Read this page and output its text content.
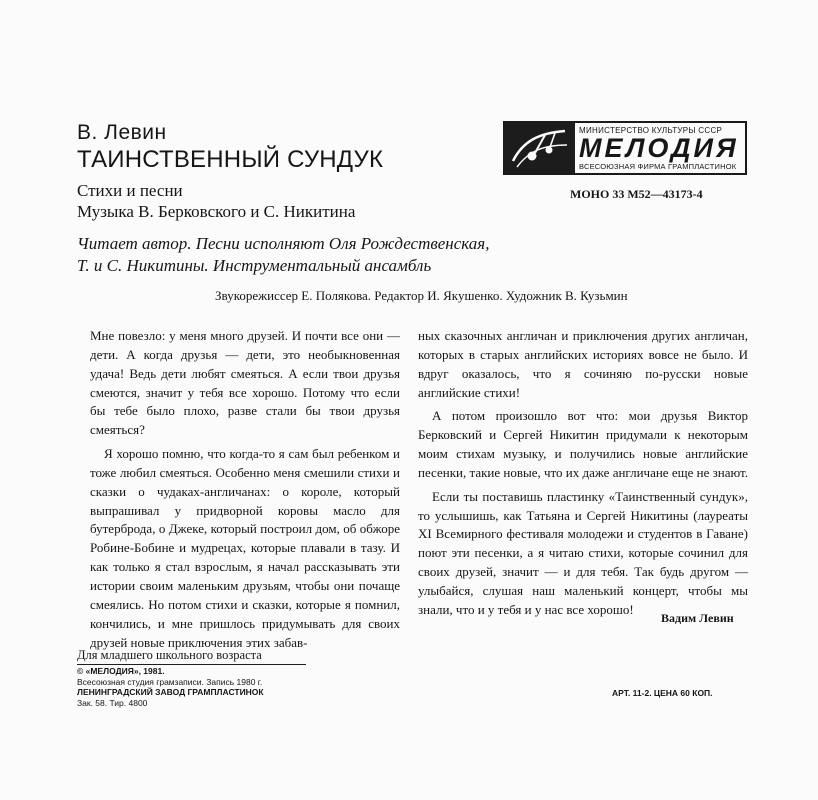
В. Левин
ТАИНСТВЕННЫЙ СУНДУК
Стихи и песни
Музыка В. Берковского и С. Никитина
Читает автор. Песни исполняют Оля Рождественская,
Т. и С. Никитины. Инструментальный ансамбль
Звукорежиссер Е. Полякова. Редактор И. Якушенко. Художник В. Кузьмин
МИНИСТЕРСТВО КУЛЬТУРЫ СССР
МЕЛОДИЯ
ВСЕСОЮЗНАЯ ФИРМА ГРАМПЛАСТИНОК
МОНО 33 М52—43173-4

Мне повезло: у меня много друзей. И почти все они — дети. А когда друзья — дети, это необыкновенная удача! Ведь дети любят смеяться. А если твои друзья смеются, значит у тебя все хорошо. Потому что если бы тебе было плохо, разве стали бы твои друзья смеяться?

Я хорошо помню, что когда-то я сам был ребенком и тоже любил смеяться. Особенно меня смешили стихи и сказки о чудаках-англичанах: о короле, который выпрашивал у придворной коровы масло для бутерброда, о Джеке, который построил дом, об обжоре Робине-Бобине и мудрецах, которые плавали в тазу. И как только я стал взрослым, я начал рассказывать эти истории своим маленьким друзьям, чтобы они почаще смеялись. Но потом стихи и сказки, которые я помнил, кончились, и мне пришлось придумывать для своих друзей новые приключения этих забав-

ных сказочных англичан и приключения других англичан, которых в старых английских историях вовсе не было. И вдруг оказалось, что я сочиняю по-русски новые английские стихи!

А потом произошло вот что: мои друзья Виктор Берковский и Сергей Никитин придумали к некоторым моим стихам музыку, и получились новые английские песенки, такие новые, что их даже англичане еще не знают.

Если ты поставишь пластинку «Таинственный сундук», то услышишь, как Татьяна и Сергей Никитины (лауреаты XI Всемирного фестиваля молодежи и студентов в Гаване) поют эти песенки, а я читаю стихи, которые сочинил для своих друзей, значит — и для тебя. Так будь другом — улыбайся, слушая наш маленький концерт, чтобы мы знали, что и у тебя и у нас все хорошо!

Вадим Левин
Для младшего школьного возраста
© «МЕЛОДИЯ», 1981.
Всесоюзная студия грамзаписи. Запись 1980 г.
ЛЕНИНГРАДСКИЙ ЗАВОД ГРАМПЛАСТИНОК
Зак. 58. Тир. 4800
АРТ. 11-2. ЦЕНА 60 КОП.
